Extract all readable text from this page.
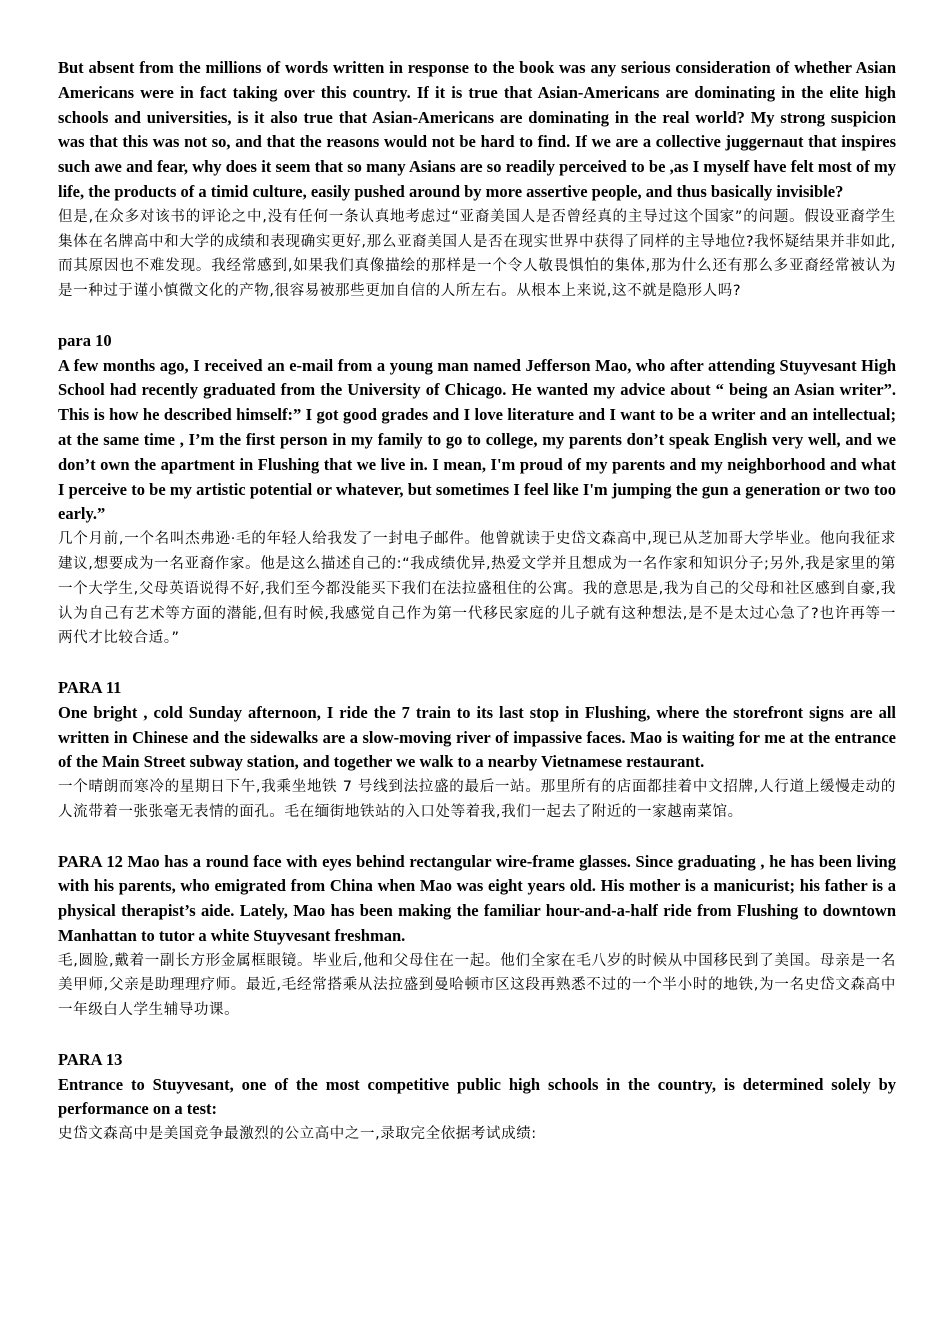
But absent from the millions of words written in response to the book was any serious consideration of whether Asian Americans were in fact taking over this country. If it is true that Asian-Americans are dominating in the elite high schools and universities, is it also true that Asian-Americans are dominating in the real world? My strong suspicion was that this was not so, and that the reasons would not be hard to find. If we are a collective juggernaut that inspires such awe and fear, why does it seem that so many Asians are so readily perceived to be ,as I myself have felt most of my life, the products of a timid culture, easily pushed around by more assertive people, and thus basically invisible?

但是,在众多对该书的评论之中,没有任何一条认真地考虑过“亚裔美国人是否曾经真的主导过这个国家”的问题。假设亚裔学生集体在名牌高中和大学的成绩和表现确实更好,那么亚裔美国人是否在现实世界中获得了同样的主导地位?我怀疑结果并非如此,而其原因也不难发现。我经常感到,如果我们真像描绘的那样是一个令人敬畏惧怕的集体,那为什么还有那么多亚裔经常被认为是一种过于谨小慎微文化的产物,很容易被那些更加自信的人所左右。从根本上来说,这不就是隐形人吗?

para 10

A few months ago, I received an e-mail from a young man named Jefferson Mao, who after attending Stuyvesant High School had recently graduated from the University of Chicago. He wanted my advice about “ being an Asian writer”. This is how he described himself:” I got good grades and I love literature and I want to be a writer and an intellectual; at the same time , I’m the first person in my family to go to college, my parents don’t speak English very well, and we don’t own the apartment in Flushing that we live in. I mean, I'm proud of my parents and my neighborhood and what I perceive to be my artistic potential or whatever, but sometimes I feel like I'm jumping the gun a generation or two too early.”

几个月前,一个名叫杰弗逊·毛的年轻人给我发了一封电子邮件。他曾就读于史岱文森高中,现已从芝加哥大学毕业。他向我征求建议,想要成为一名亚裔作家。他是这么描述自己的:“我成绩优异,热爱文学并且想成为一名作家和知识分子;另外,我是家里的第一个大学生,父母英语说得不好,我们至今都没能买下我们在法拉盛租住的公寓。我的意思是,我为自己的父母和社区感到自豪,我认为自己有艺术等方面的潜能,但有时候,我感觉自己作为第一代移民家庭的儿子就有这种想法,是不是太过心急了?也许再等一两代才比较合适。”

PARA 11

One bright , cold Sunday afternoon, I ride the 7 train to its last stop in Flushing, where the storefront signs are all written in Chinese and the sidewalks are a slow-moving river of impassive faces. Mao is waiting for me at the entrance of the Main Street subway station, and together we walk to a nearby Vietnamese restaurant.

一个晴朗而寒冷的星期日下午,我乘坐地铁 7 号线到法拉盛的最后一站。那里所有的店面都挂着中文招牌,人行道上缓慢走动的人流带着一张张毫无表情的面孔。毛在缅街地铁站的入口处等着我,我们一起去了附近的一家越南菜馆。

PARA 12 Mao has a round face with eyes behind rectangular wire-frame glasses. Since graduating , he has been living with his parents, who emigrated from China when Mao was eight years old. His mother is a manicurist; his father is a physical therapist’s aide. Lately, Mao has been making the familiar hour-and-a-half ride from Flushing to downtown Manhattan to tutor a white Stuyvesant freshman.

毛,圆脸,戴着一副长方形金属框眼镜。毕业后,他和父母住在一起。他们全家在毛八岁的时候从中国移民到了美国。母亲是一名美甲师,父亲是助理理疗师。最近,毛经常搭乘从法拉盛到曼哈顿市区这段再熟悉不过的一个半小时的地铁,为一名史岱文森高中一年级白人学生辅导功课。

PARA 13

Entrance to Stuyvesant, one of the most competitive public high schools in the country, is determined solely by performance on a test:

史岱文森高中是美国竞争最激烈的公立高中之一,录取完全依据考试成绩:
